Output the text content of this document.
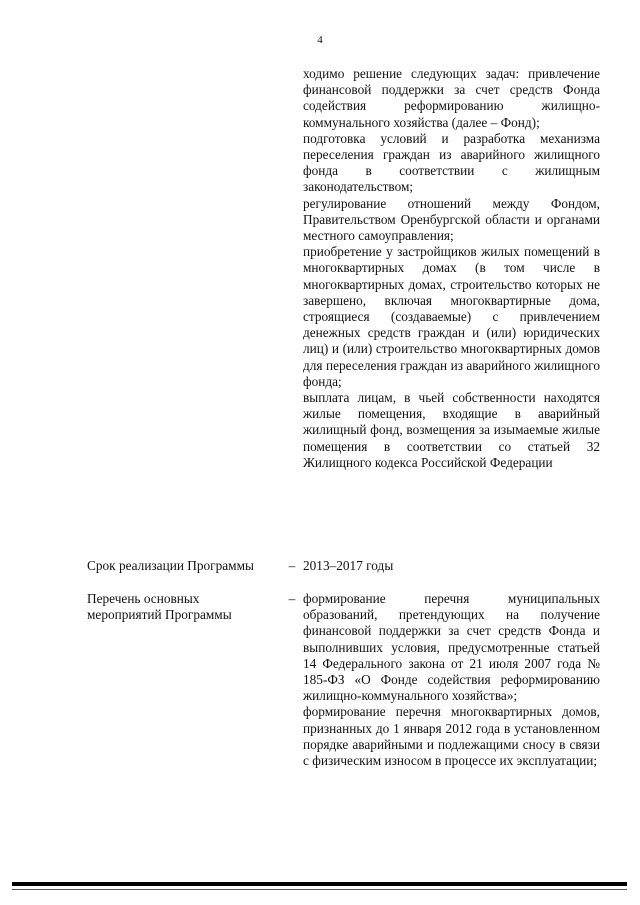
4

ходимо решение следующих задач: привлечение финансовой поддержки за счет средств Фонда содействия реформированию жилищно-коммунального хозяйства (далее – Фонд);

подготовка условий и разработка механизма переселения граждан из аварийного жилищного фонда в соответствии с жилищным законодательством;

регулирование отношений между Фондом, Правительством Оренбургской области и органами местного самоуправления;

приобретение у застройщиков жилых помещений в многоквартирных домах (в том числе в многоквартирных домах, строительство которых не завершено, включая многоквартирные дома, строящиеся (создаваемые) с привлечением денежных средств граждан и (или) юридических лиц) и (или) строительство многоквартирных домов для переселения граждан из аварийного жилищного фонда;

выплата лицам, в чьей собственности находятся жилые помещения, входящие в аварийный жилищный фонд, возмещения за изымаемые жилые помещения в соответствии со статьей 32 Жилищного кодекса Российской Федерации

Срок реализации Программы	– 2013–2017 годы

Перечень основных мероприятий Программы
– формирование перечня муниципальных образований, претендующих на получение финансовой поддержки за счет средств Фонда и выполнивших условия, предусмотренные статьей 14 Федерального закона от 21 июля 2007 года № 185-ФЗ «О Фонде содействия реформированию жилищно-коммунального хозяйства»;

формирование перечня многоквартирных домов, признанных до 1 января 2012 года в установленном порядке аварийными и подлежащими сносу в связи с физическим износом в процессе их эксплуатации;
